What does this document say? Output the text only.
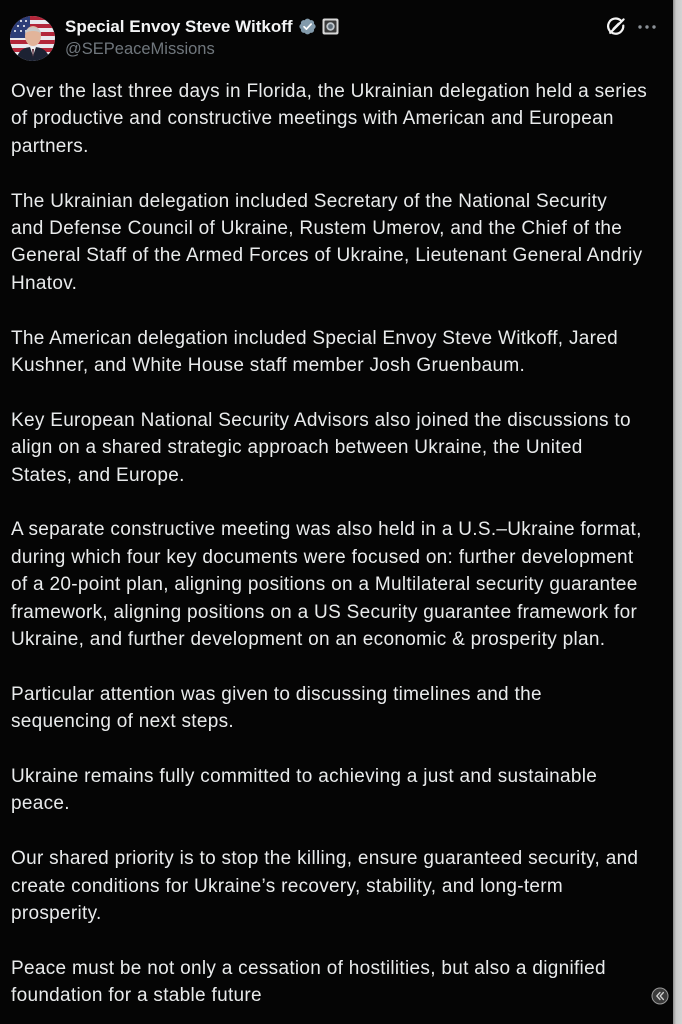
Special Envoy Steve Witkoff
@SEPeaceMissions
Over the last three days in Florida, the Ukrainian delegation held a series
of productive and constructive meetings with American and European
partners.
The Ukrainian delegation included Secretary of the National Security
and Defense Council of Ukraine, Rustem Umerov, and the Chief of the
General Staff of the Armed Forces of Ukraine, Lieutenant General Andriy
Hnatov.
The American delegation included Special Envoy Steve Witkoff, Jared
Kushner, and White House staff member Josh Gruenbaum.
Key European National Security Advisors also joined the discussions to
align on a shared strategic approach between Ukraine, the United
States, and Europe.
A separate constructive meeting was also held in a U.S.–Ukraine format,
during which four key documents were focused on: further development
of a 20-point plan, aligning positions on a Multilateral security guarantee
framework, aligning positions on a US Security guarantee framework for
Ukraine, and further development on an economic & prosperity plan.
Particular attention was given to discussing timelines and the
sequencing of next steps.
Ukraine remains fully committed to achieving a just and sustainable
peace.
Our shared priority is to stop the killing, ensure guaranteed security, and
create conditions for Ukraine’s recovery, stability, and long-term
prosperity.
Peace must be not only a cessation of hostilities, but also a dignified
foundation for a stable future
